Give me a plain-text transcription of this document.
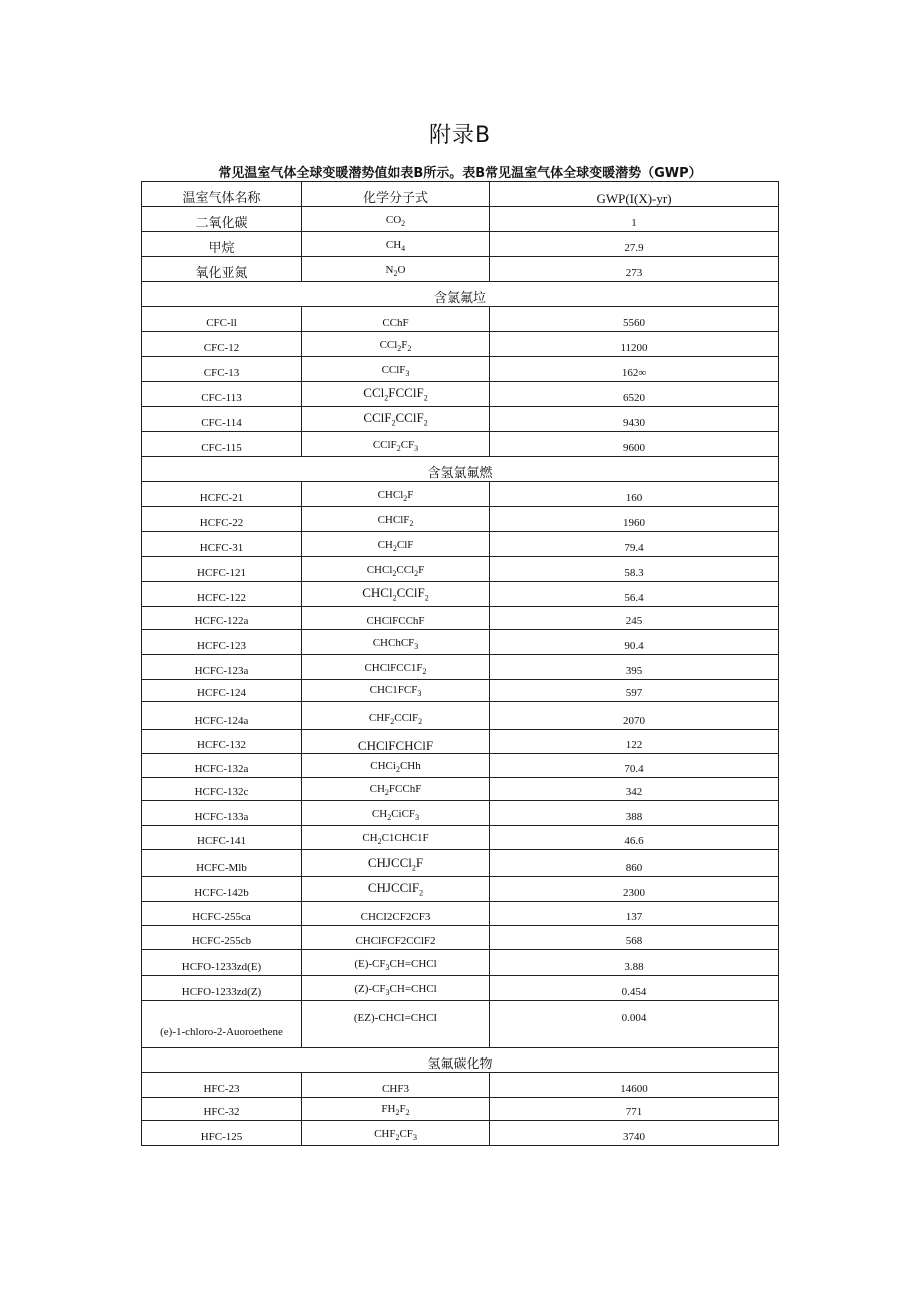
附录B
常见温室气体全球变暖潜势值如表B所示。表B常见温室气体全球变暖潜势（GWP）
温室气体名称	化学分子式	GWP(I(X)-yr)
二氧化碳	$CO_2$	1
甲烷	$CH_4$	27.9
氧化亚氮	$N_2O$	273
含氯氟垃		
CFC-ll	CChF	5560
CFC-12	$CCl_2F_2$	11200
CFC-13	CClF$_3$	162∞
CFC-113	CCl$_2$FCClF$_2$	6520
CFC-114	CClF$_2$CClF$_2$	9430
CFC-115	$CClF_2CF_3$	9600
含氢氯氟燃		
HCFC-21	CHCl$_2$F	160
HCFC-22	CHClF$_2$	1960
HCFC-31	$CH_2ClF$	79.4
HCFC-121	CHCl$_2$CCl$_2$F	58.3
HCFC-122	CHCl$_2$CClF$_2$	56.4
HCFC-122a	CHClFCChF	245
HCFC-123	CHChCF$_3$	90.4
HCFC-123a	$CHClFCC1F_2$	395
HCFC-124	$CHC1FCF_3$	597
HCFC-124a	$CHF_2CClF_2$	2070
HCFC-132	CHClFCHClF	122
HCFC-132a	CHCi$_2$CHh	70.4
HCFC-132c	$CH_2FCChF$	342
HCFC-133a	$CH_2CiCF_3$	388
HCFC-141	$CH_2C1CHC1F$	46.6
HCFC-Mlb	CHJCCl$_2$F	860
HCFC-142b	CHJCClF$_2$	2300
HCFC-255ca	CHCI2CF2CF3	137
HCFC-255cb	CHClFCF2CClF2	568
HCFO-1233zd(E)	$(E)-CF_3CH=CHCl$	3.88
HCFO-1233zd(Z)	$(Z)-CF_3CH=CHCl$	0.454
(e)-1-chloro-2-Auoroethene	(EZ)-CHCI=CHCI	0.004
氢氟碳化物		
HFC-23	CHF3	14600
HFC-32	$FH_2F_2$	771
HFC-125	$CHF_2CF_3$	3740
